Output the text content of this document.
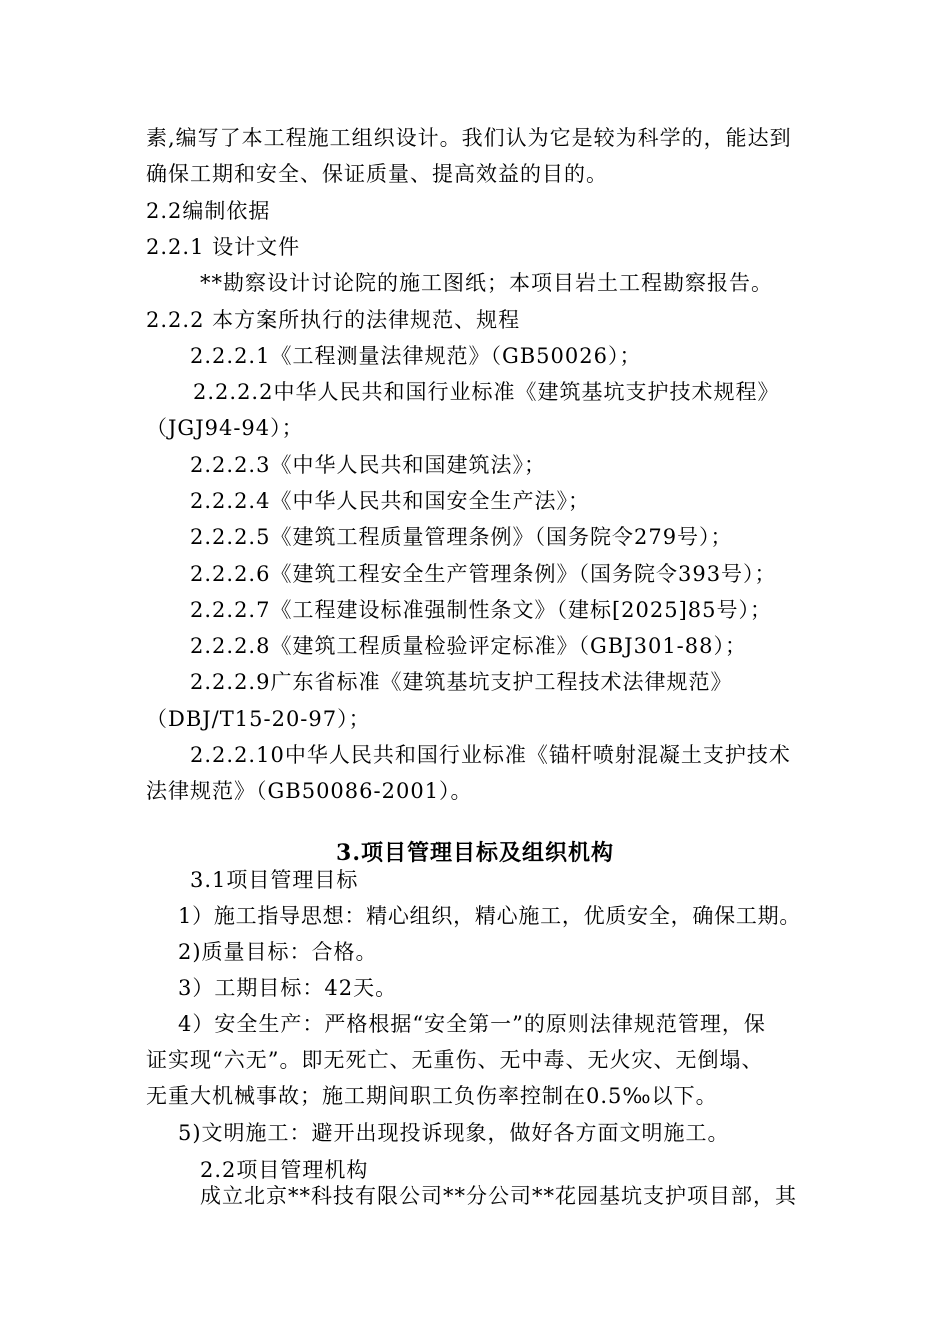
素,编写了本工程施工组织设计。我们认为它是较为科学的，能达到

确保工期和安全、保证质量、提高效益的目的。

2.2编制依据

2.2.1 设计文件

**勘察设计讨论院的施工图纸；本项目岩土工程勘察报告。

2.2.2 本方案所执行的法律规范、规程

2.2.2.1《工程测量法律规范》（GB50026）；

2.2.2.2中华人民共和国行业标准《建筑基坑支护技术规程》

（JGJ94-94）；

2.2.2.3《中华人民共和国建筑法》；

2.2.2.4《中华人民共和国安全生产法》；

2.2.2.5《建筑工程质量管理条例》（国务院令279号）；

2.2.2.6《建筑工程安全生产管理条例》（国务院令393号）；

2.2.2.7《工程建设标准强制性条文》（建标[2025]85号）；

2.2.2.8《建筑工程质量检验评定标准》（GBJ301-88）；

2.2.2.9广东省标准《建筑基坑支护工程技术法律规范》

（DBJ/T15-20-97）；

2.2.2.10中华人民共和国行业标准《锚杆喷射混凝土支护技术

法律规范》（GB50086-2001）。

3.项目管理目标及组织机构

3.1项目管理目标

1）施工指导思想：精心组织，精心施工，优质安全，确保工期。

2)质量目标：合格。

3）工期目标：42天。

4）安全生产：严格根据“安全第一”的原则法律规范管理，保

证实现“六无”。即无死亡、无重伤、无中毒、无火灾、无倒塌、

无重大机械事故；施工期间职工负伤率控制在0.5‰以下。

5)文明施工：避开出现投诉现象，做好各方面文明施工。

2.2项目管理机构

成立北京**科技有限公司**分公司**花园基坑支护项目部，其
